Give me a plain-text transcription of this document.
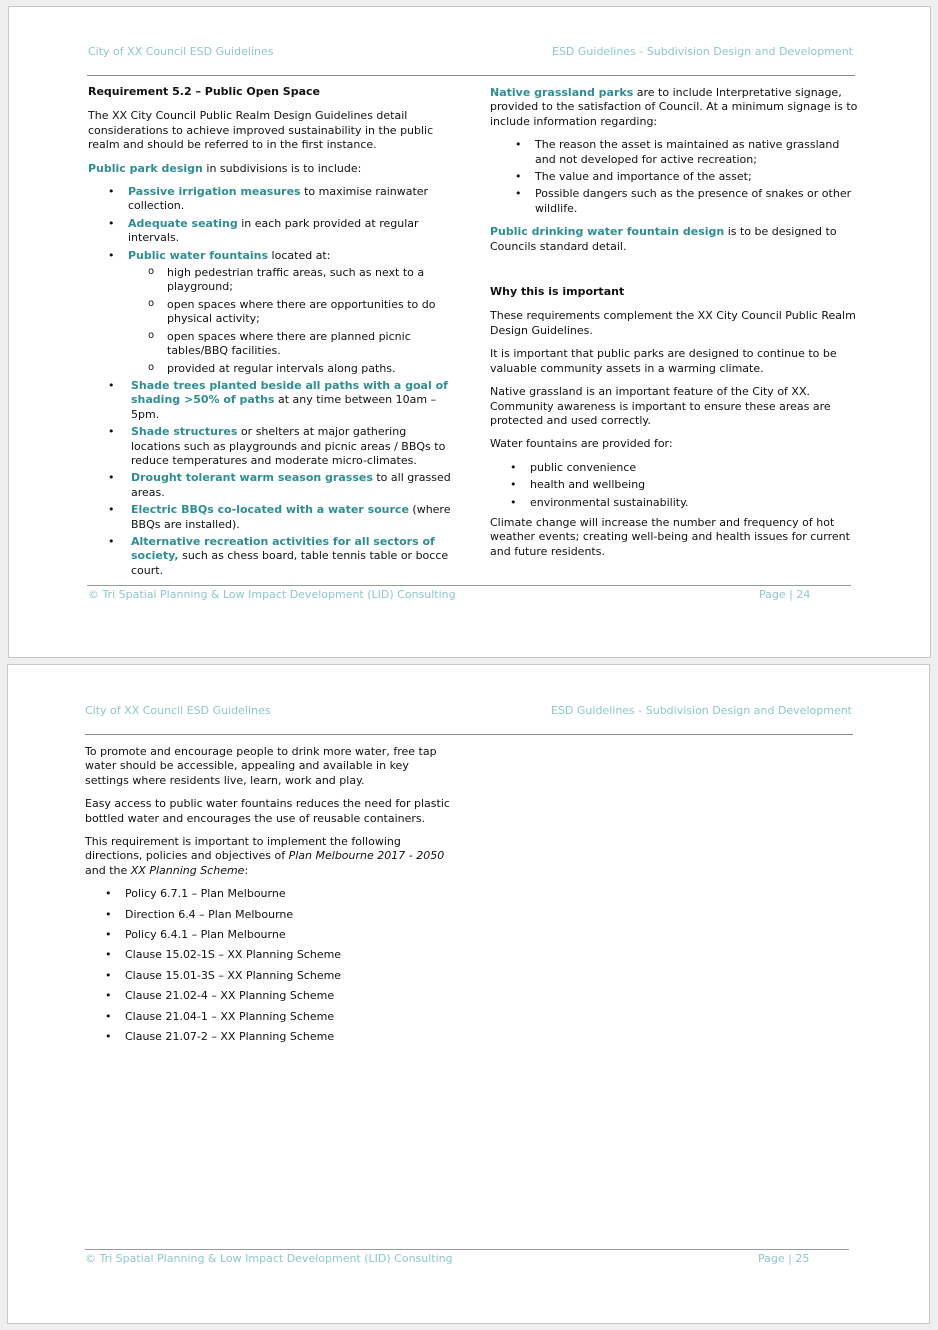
City of XX Council ESD Guidelines	ESD Guidelines - Subdivision Design and Development

Requirement 5.2 – Public Open Space

The XX City Council Public Realm Design Guidelines detail considerations to achieve improved sustainability in the public realm and should be referred to in the first instance.

Public park design in subdivisions is to include:

• Passive irrigation measures to maximise rainwater collection.
• Adequate seating in each park provided at regular intervals.
• Public water fountains located at:
o high pedestrian traffic areas, such as next to a playground;
o open spaces where there are opportunities to do physical activity;
o open spaces where there are planned picnic tables/BBQ facilities.
o provided at regular intervals along paths.
• Shade trees planted beside all paths with a goal of shading >50% of paths at any time between 10am – 5pm.
• Shade structures or shelters at major gathering locations such as playgrounds and picnic areas / BBQs to reduce temperatures and moderate micro-climates.
• Drought tolerant warm season grasses to all grassed areas.
• Electric BBQs co-located with a water source (where BBQs are installed).
• Alternative recreation activities for all sectors of society, such as chess board, table tennis table or bocce court.

Native grassland parks are to include Interpretative signage, provided to the satisfaction of Council. At a minimum signage is to include information regarding:

• The reason the asset is maintained as native grassland and not developed for active recreation;
• The value and importance of the asset;
• Possible dangers such as the presence of snakes or other wildlife.

Public drinking water fountain design is to be designed to Councils standard detail.

Why this is important

These requirements complement the XX City Council Public Realm Design Guidelines.

It is important that public parks are designed to continue to be valuable community assets in a warming climate.

Native grassland is an important feature of the City of XX. Community awareness is important to ensure these areas are protected and used correctly.

Water fountains are provided for:

• public convenience
• health and wellbeing
• environmental sustainability.

Climate change will increase the number and frequency of hot weather events; creating well-being and health issues for current and future residents.

© Tri Spatial Planning & Low Impact Development (LID) Consulting	Page | 24
City of XX Council ESD Guidelines	ESD Guidelines - Subdivision Design and Development

To promote and encourage people to drink more water, free tap water should be accessible, appealing and available in key settings where residents live, learn, work and play.

Easy access to public water fountains reduces the need for plastic bottled water and encourages the use of reusable containers.

This requirement is important to implement the following directions, policies and objectives of Plan Melbourne 2017 - 2050 and the XX Planning Scheme:

• Policy 6.7.1 – Plan Melbourne
• Direction 6.4 – Plan Melbourne
• Policy 6.4.1 – Plan Melbourne
• Clause 15.02-1S – XX Planning Scheme
• Clause 15.01-3S – XX Planning Scheme
• Clause 21.02-4 – XX Planning Scheme
• Clause 21.04-1 – XX Planning Scheme
• Clause 21.07-2 – XX Planning Scheme
© Tri Spatial Planning & Low Impact Development (LID) Consulting	Page | 25
